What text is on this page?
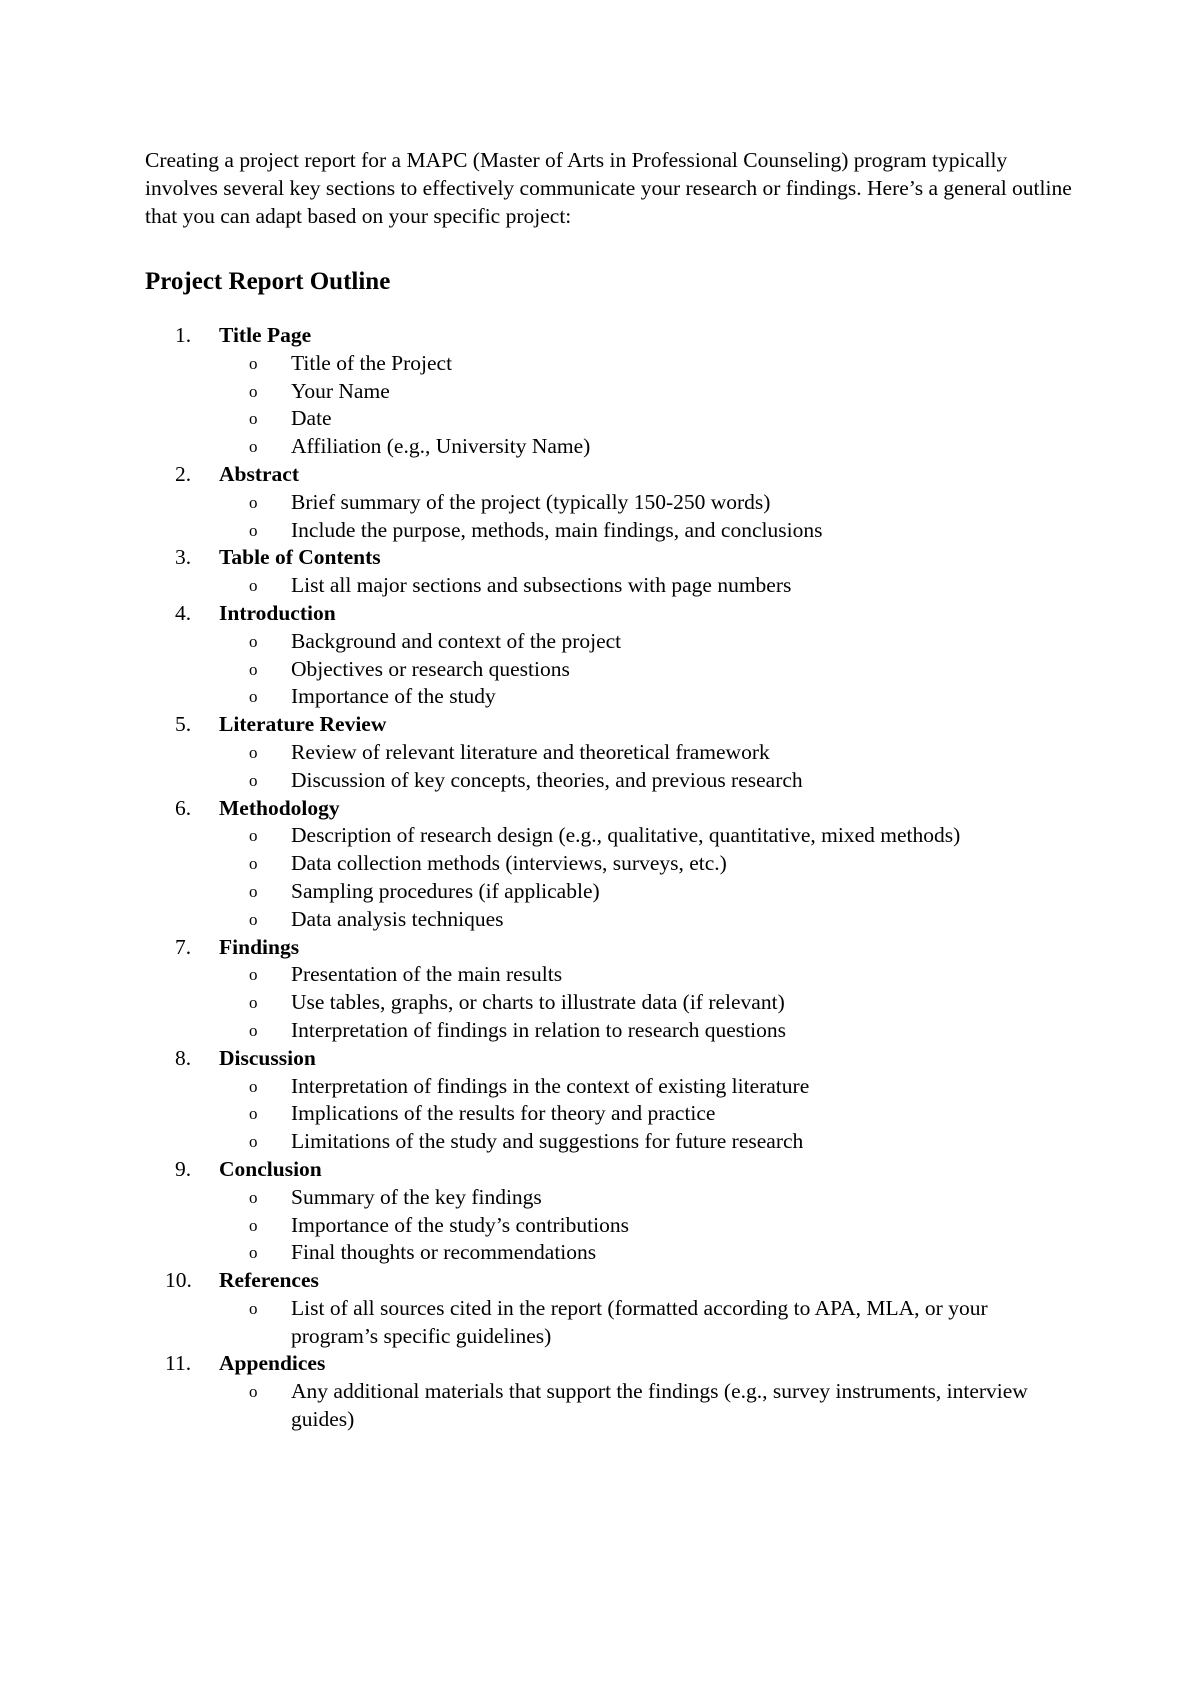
Creating a project report for a MAPC (Master of Arts in Professional Counseling) program typically involves several key sections to effectively communicate your research or findings. Here’s a general outline that you can adapt based on your specific project:

Project Report Outline
1. Title Page
o Title of the Project
o Your Name
o Date
o Affiliation (e.g., University Name)
2. Abstract
o Brief summary of the project (typically 150-250 words)
o Include the purpose, methods, main findings, and conclusions
3. Table of Contents
o List all major sections and subsections with page numbers
4. Introduction
o Background and context of the project
o Objectives or research questions
o Importance of the study
5. Literature Review
o Review of relevant literature and theoretical framework
o Discussion of key concepts, theories, and previous research
6. Methodology
o Description of research design (e.g., qualitative, quantitative, mixed methods)
o Data collection methods (interviews, surveys, etc.)
o Sampling procedures (if applicable)
o Data analysis techniques
7. Findings
o Presentation of the main results
o Use tables, graphs, or charts to illustrate data (if relevant)
o Interpretation of findings in relation to research questions
8. Discussion
o Interpretation of findings in the context of existing literature
o Implications of the results for theory and practice
o Limitations of the study and suggestions for future research
9. Conclusion
o Summary of the key findings
o Importance of the study’s contributions
o Final thoughts or recommendations
10. References
o List of all sources cited in the report (formatted according to APA, MLA, or your program’s specific guidelines)
11. Appendices
o Any additional materials that support the findings (e.g., survey instruments, interview guides)
